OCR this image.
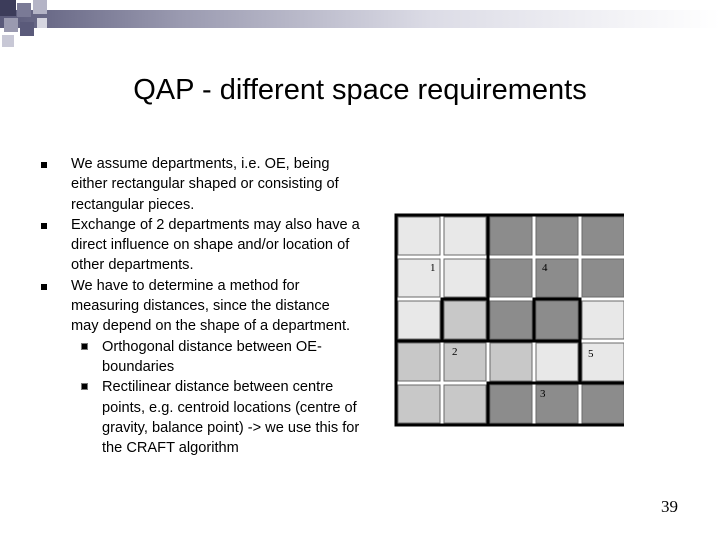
QAP - different space requirements
We assume departments, i.e. OE, being either rectangular shaped or consisting of rectangular pieces.
Exchange of 2 departments may also have a direct influence on shape and/or location of other departments.
We have to determine a method for measuring distances, since the distance may depend on the shape of a department.
Orthogonal distance between OE-boundaries
Rectilinear distance between centre points, e.g. centroid locations (centre of gravity, balance point) -> we use this for the CRAFT algorithm
1	4
2	5
3
39
